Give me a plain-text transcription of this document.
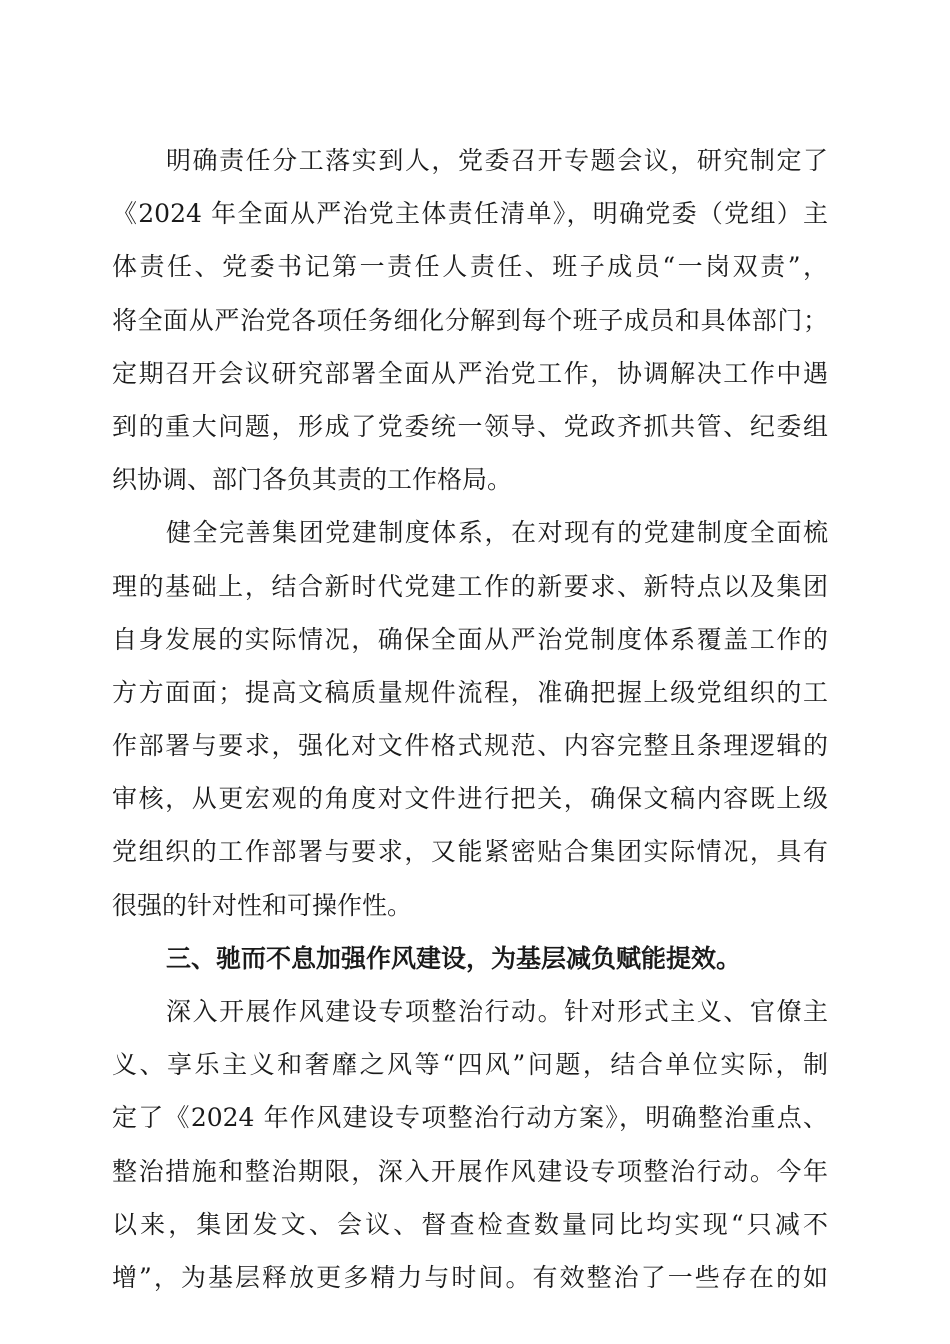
明确责任分工落实到人，党委召开专题会议，研究制定了
《2024 年全面从严治党主体责任清单》，明确党委（党组）主
体责任、党委书记第一责任人责任、班子成员“一岗双责”，
将全面从严治党各项任务细化分解到每个班子成员和具体部门；
定期召开会议研究部署全面从严治党工作，协调解决工作中遇
到的重大问题，形成了党委统一领导、党政齐抓共管、纪委组
织协调、部门各负其责的工作格局。
健全完善集团党建制度体系，在对现有的党建制度全面梳
理的基础上，结合新时代党建工作的新要求、新特点以及集团
自身发展的实际情况，确保全面从严治党制度体系覆盖工作的
方方面面；提高文稿质量规件流程，准确把握上级党组织的工
作部署与要求，强化对文件格式规范、内容完整且条理逻辑的
审核，从更宏观的角度对文件进行把关，确保文稿内容既上级
党组织的工作部署与要求，又能紧密贴合集团实际情况，具有
很强的针对性和可操作性。
三、驰而不息加强作风建设，为基层减负赋能提效。
深入开展作风建设专项整治行动。针对形式主义、官僚主
义、享乐主义和奢靡之风等“四风”问题，结合单位实际，制
定了《2024 年作风建设专项整治行动方案》，明确整治重点、
整治措施和整治期限，深入开展作风建设专项整治行动。今年
以来，集团发文、会议、督查检查数量同比均实现“只减不
增”，为基层释放更多精力与时间。有效整治了一些存在的如
